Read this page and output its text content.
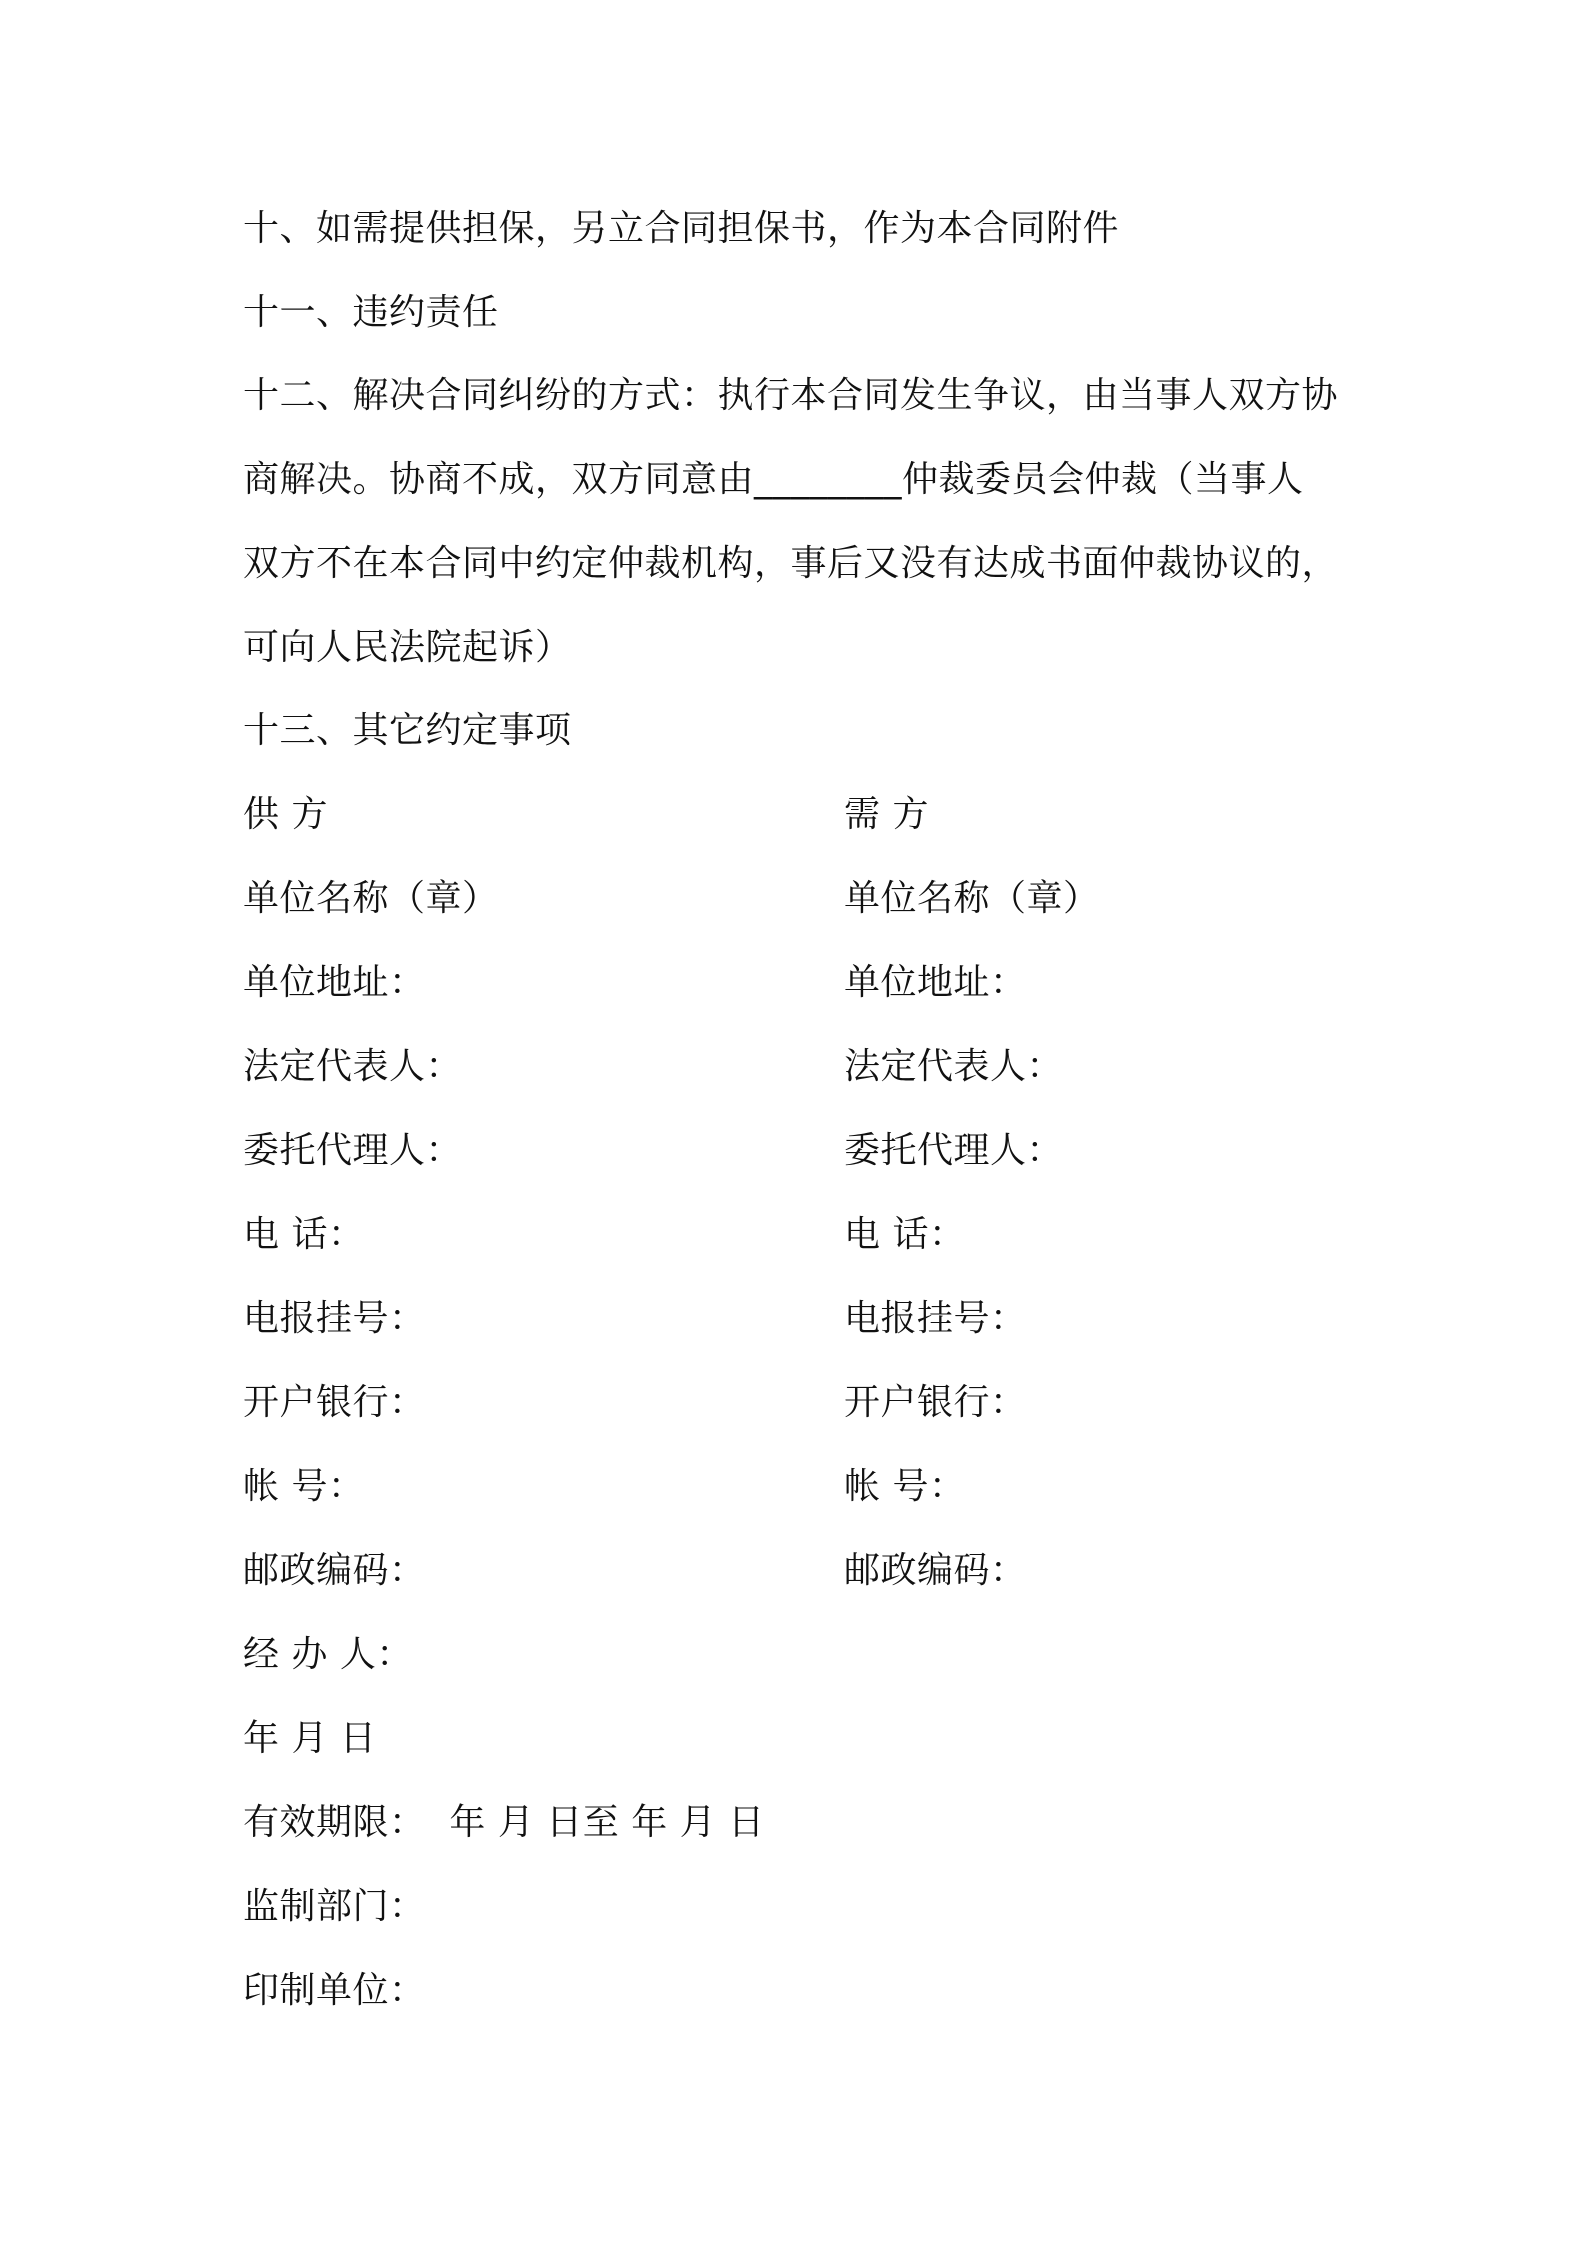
十、如需提供担保，另立合同担保书，作为本合同附件
十一、违约责任
十二、解决合同纠纷的方式：执行本合同发生争议，由当事人双方协
商解决。协商不成，双方同意由________仲裁委员会仲裁（当事人
双方不在本合同中约定仲裁机构，事后又没有达成书面仲裁协议的，
可向人民法院起诉）
十三、其它约定事项
供 方
单位名称（章）
单位地址：
法定代表人：
委托代理人：
电 话：
电报挂号：
开户银行：
帐 号：
邮政编码：
需 方
单位名称（章）
单位地址：
法定代表人：
委托代理人：
电 话：
电报挂号：
开户银行：
帐 号：
邮政编码：
经 办 人：
年 月 日
有效期限：  年 月 日至 年 月 日
监制部门：
印制单位：
